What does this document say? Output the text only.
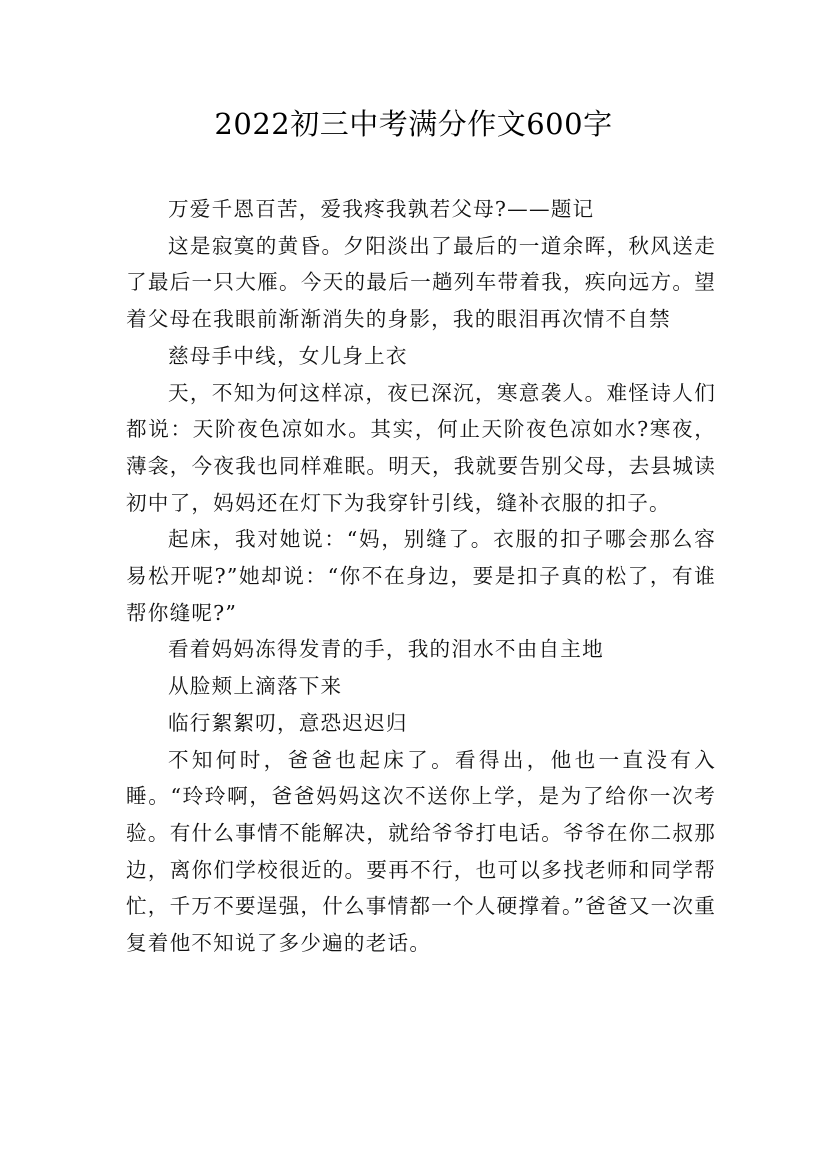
2022初三中考满分作文600字

万爱千恩百苦，爱我疼我孰若父母?——题记

这是寂寞的黄昏。夕阳淡出了最后的一道余晖，秋风送走了最后一只大雁。今天的最后一趟列车带着我，疾向远方。望着父母在我眼前渐渐消失的身影，我的眼泪再次情不自禁

慈母手中线，女儿身上衣

天，不知为何这样凉，夜已深沉，寒意袭人。难怪诗人们都说：天阶夜色凉如水。其实，何止天阶夜色凉如水?寒夜，薄衾，今夜我也同样难眠。明天，我就要告别父母，去县城读初中了，妈妈还在灯下为我穿针引线，缝补衣服的扣子。

起床，我对她说：“妈，别缝了。衣服的扣子哪会那么容易松开呢?”她却说：“你不在身边，要是扣子真的松了，有谁帮你缝呢?”

看着妈妈冻得发青的手，我的泪水不由自主地

从脸颊上滴落下来

临行絮絮叨，意恐迟迟归

不知何时，爸爸也起床了。看得出，他也一直没有入睡。“玲玲啊，爸爸妈妈这次不送你上学，是为了给你一次考验。有什么事情不能解决，就给爷爷打电话。爷爷在你二叔那边，离你们学校很近的。要再不行，也可以多找老师和同学帮忙，千万不要逞强，什么事情都一个人硬撑着。”爸爸又一次重复着他不知说了多少遍的老话。
